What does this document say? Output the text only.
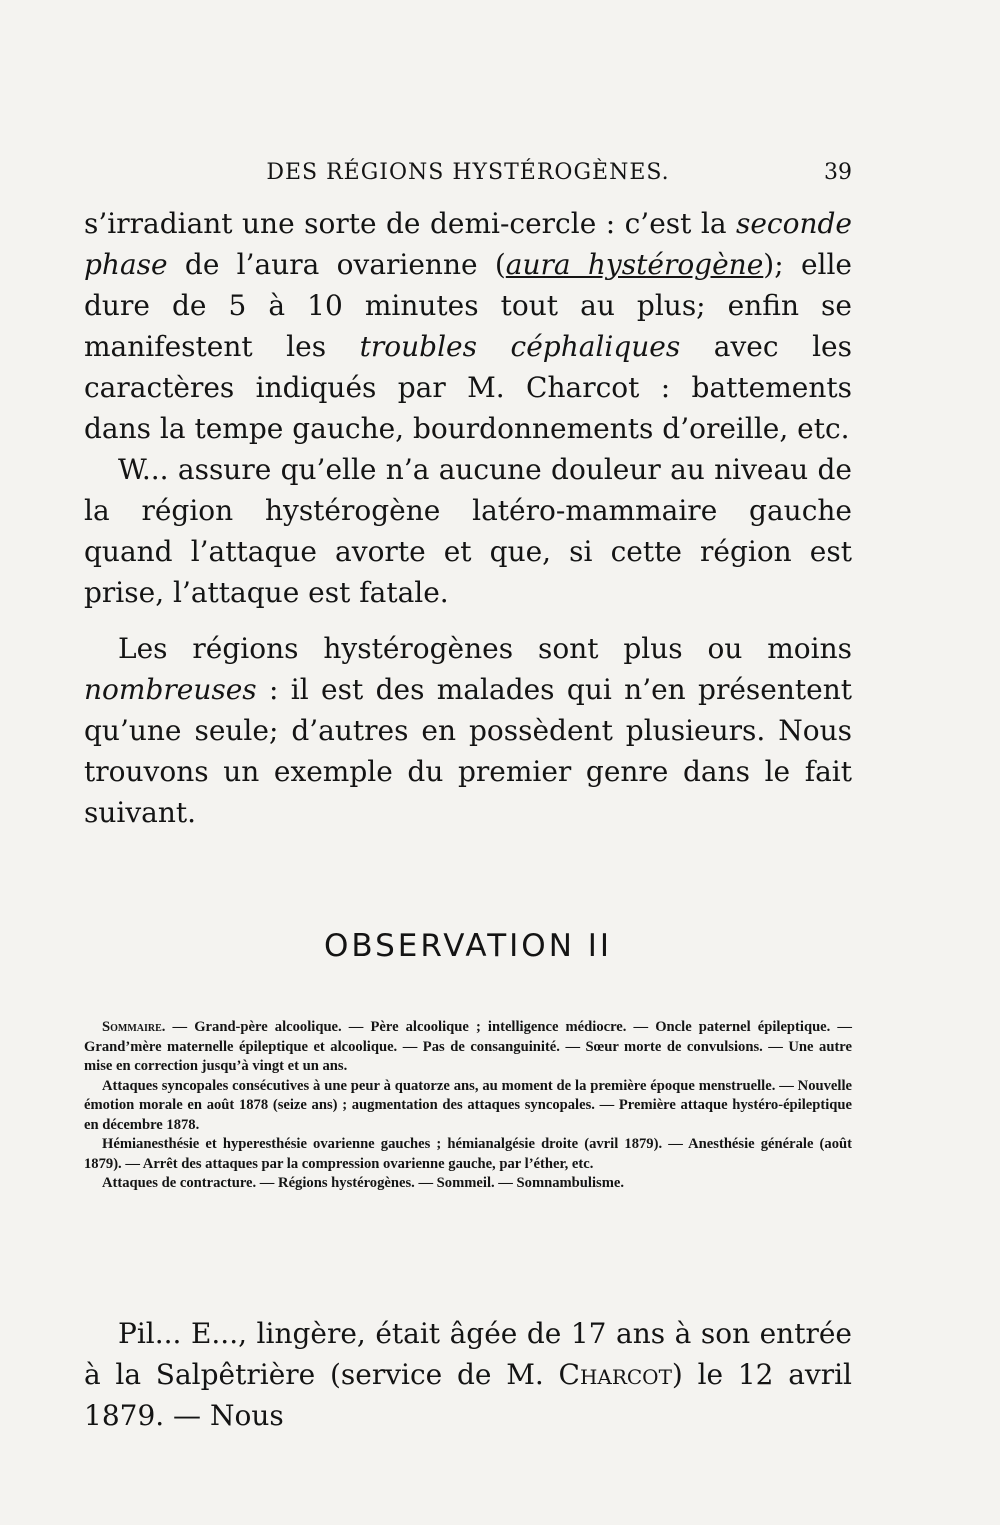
DES RÉGIONS HYSTÉROGÈNES.	39

s’irradiant une sorte de demi-cercle : c’est la seconde phase de l’aura ovarienne (aura hystérogène); elle dure de 5 à 10 minutes tout au plus; enfin se manifestent les troubles céphaliques avec les caractères indiqués par M. Charcot : battements dans la tempe gauche, bourdonnements d’oreille, etc.

W... assure qu’elle n’a aucune douleur au niveau de la région hystérogène latéro-mammaire gauche quand l’attaque avorte et que, si cette région est prise, l’attaque est fatale.

Les régions hystérogènes sont plus ou moins nombreuses : il est des malades qui n’en présentent qu’une seule; d’autres en possèdent plusieurs. Nous trouvons un exemple du premier genre dans le fait suivant.

OBSERVATION II

Sommaire. — Grand-père alcoolique. — Père alcoolique ; intelligence médiocre. — Oncle paternel épileptique. — Grand’mère maternelle épileptique et alcoolique. — Pas de consanguinité. — Sœur morte de convulsions. — Une autre mise en correction jusqu’à vingt et un ans.

Attaques syncopales consécutives à une peur à quatorze ans, au moment de la première époque menstruelle. — Nouvelle émotion morale en août 1878 (seize ans) ; augmentation des attaques syncopales. — Première attaque hystéro-épileptique en décembre 1878.

Hémianesthésie et hyperesthésie ovarienne gauches ; hémianalgésie droite (avril 1879). — Anesthésie générale (août 1879). — Arrêt des attaques par la compression ovarienne gauche, par l’éther, etc.

Attaques de contracture. — Régions hystérogènes. — Sommeil. — Somnambulisme.

Pil... E..., lingère, était âgée de 17 ans à son entrée à la Salpêtrière (service de M. Charcot) le 12 avril 1879. — Nous
